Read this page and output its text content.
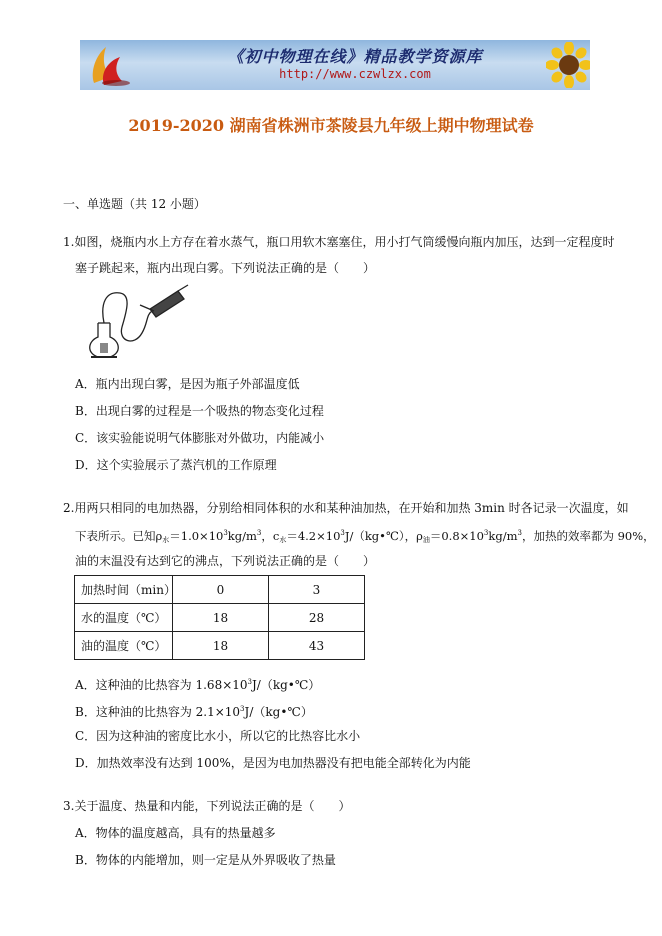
《初中物理在线》精品教学资源库
http://www.czwlzx.com
2019-2020 湖南省株洲市茶陵县九年级上期中物理试卷
一、单选题（共 12 小题）
1.如图，烧瓶内水上方存在着水蒸气，瓶口用软木塞塞住，用小打气筒缓慢向瓶内加压，达到一定程度时
塞子跳起来，瓶内出现白雾。下列说法正确的是（　　）
A．瓶内出现白雾，是因为瓶子外部温度低
B．出现白雾的过程是一个吸热的物态变化过程
C．该实验能说明气体膨胀对外做功，内能减小
D．这个实验展示了蒸汽机的工作原理
2.用两只相同的电加热器，分别给相同体积的水和某种油加热，在开始和加热 3min 时各记录一次温度，如
下表所示。已知$\rho_水=1.0\times 10^3kg/m^3$，$c_水=4.2\times 10^3J/(kg•℃)$，$\rho_油=0.8\times 10^3kg/m^3$，加热的效率都为 90%，
油的末温没有达到它的沸点，下列说法正确的是（　　）
加热时间（min）	0	3
水的温度（℃）	18	28
油的温度（℃）	18	43
A．这种油的比热容为 $1.68\times 10^3J/(kg•℃)$
B．这种油的比热容为 $2.1\times 10^3J/(kg•℃)$
C．因为这种油的密度比水小，所以它的比热容比水小
D．加热效率没有达到 100%，是因为电加热器没有把电能全部转化为内能
3.关于温度、热量和内能，下列说法正确的是（　　）
A．物体的温度越高，具有的热量越多
B．物体的内能增加，则一定是从外界吸收了热量
